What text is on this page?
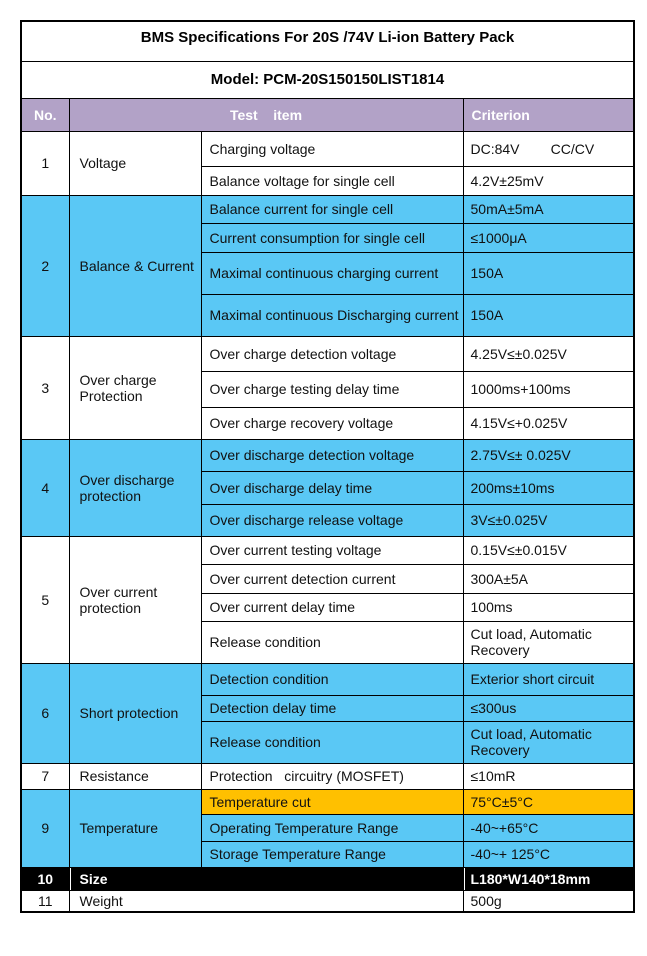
BMS Specifications For 20S /74V Li-ion Battery Pack			
Model: PCM-20S150150LIST1814			
No.	Test    item		Criterion
1	Voltage	Charging voltage	DC:84V        CC/CV
		Balance voltage for single cell	4.2V±25mV
2	Balance & Current	Balance current for single cell	50mA±5mA
		Current consumption for single cell	≤1000μA
		Maximal continuous charging current	150A
		Maximal continuous Discharging current	150A
3	Over charge Protection	Over charge detection voltage	4.25V≤±0.025V
		Over charge testing delay time	1000ms+100ms
		Over charge recovery voltage	4.15V≤+0.025V
4	Over discharge protection	Over discharge detection voltage	2.75V≤± 0.025V
		Over discharge delay time	200ms±10ms
		Over discharge release voltage	3V≤±0.025V
5	Over current protection	Over current testing voltage	0.15V≤±0.015V
		Over current detection current	300A±5A
		Over current delay time	100ms
		Release condition	Cut load, Automatic Recovery
6	Short protection	Detection condition	Exterior short circuit
		Detection delay time	≤300us
		Release condition	Cut load, Automatic Recovery
7	Resistance	Protection   circuitry (MOSFET)	≤10mR
9	Temperature	Temperature cut	75°C±5°C
		Operating Temperature Range	-40~+65°C
		Storage Temperature Range	-40~+ 125°C
10	Size		L180*W140*18mm
11	Weight		500g
